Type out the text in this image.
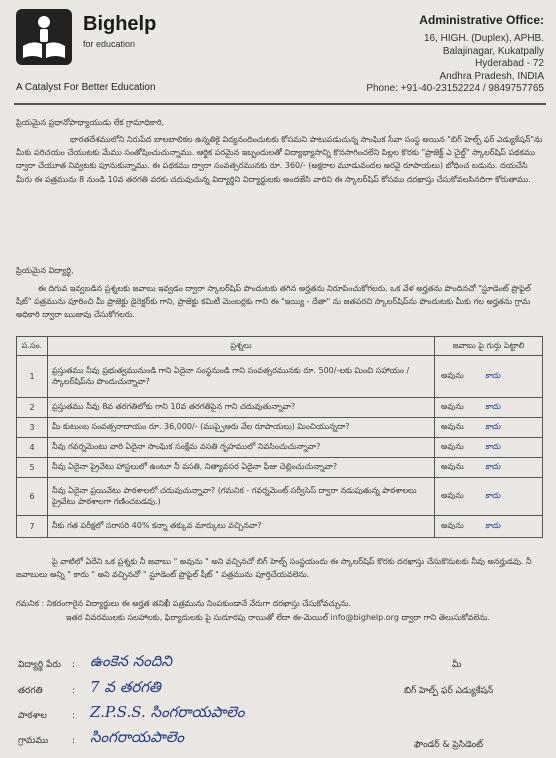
Bighelp
for education
A Catalyst For Better Education
Administrative Office:
16, HIGH. (Duplex), APHB.
Balajinagar, Kukatpally
Hyderabad - 72
Andhra Pradesh, INDIA
Phone: +91-40-23152224 / 9849757765
ప్రియమైన ప్రధానోపాధ్యాయుడు లేక గ్రామాధికారి,
భారతదేశములోని నిరుపేద బాలబాలికల ఉన్నతికై విద్యనందించుటకు కోసమని పాటుపడుచున్న సాంఘిక సేవా సంస్థ అయిన "బిగ్ హెల్ప్ ఫర్ ఎడ్యుకేషన్"ను మీకు పరిచయం చేయుటకు మేము సంతోషించుచున్నాము. ఆర్థిక పరమైన ఇబ్బందులతో విద్యాభ్యాసాన్ని కొనసాగించలేని పిల్లల కొరకు "ప్రాజెక్ట్ ఎ చైల్డ్" స్కాలర్‌షిప్ పథకము ద్వారా చేయూత నివ్వటకు పూనుకున్నాము. ఈ పథకము ద్వారా సంవత్సరమునకు రూ. 360/- (అక్షరాల మూడువందల అరవై రూపాయలు) బోధించ బడును. దయచేసి మీరు ఈ పత్రమును 8 నుండి 10వ తరగతి వరకు చదువుచున్న విద్యార్థిని విద్యార్థులకు అందజేసి వారిని ఈ స్కాలర్‌షిప్ కోసము దరఖాస్తు చేసుకోవలసినదిగా కోరుతాము.
ప్రియమైన విద్యార్థి,
ఈ దిగువ ఇవ్వబడిన ప్రశ్నలకు జవాబు ఇవ్వడం ద్వారా స్కాలర్‌షిప్ పొందుటకు తగిన అర్హతను నిరూపించుకోగలరు. ఒక వేళ అర్హతను పొందినచో "స్టూడెంట్ ప్రొఫైల్ షీట్" పత్రమును పూరించి మీ ప్రాజెక్టు డైరెక్టర్‌కు గాని, ప్రాజెక్టు కమిటీ మెంబర్లకు గాని ఈ "ఇయ్యి - దేతా" ను జతపరచి స్కాలర్‌షిప్‌ను పొందుటకు మీకు గల అర్హతను గ్రామ అధికారి ద్వారా ఋజువు చేసుకోగలరు.
ప.సం.	ప్రశ్నలు	జవాబు పై గుర్తు పెట్టాలి
1	ప్రస్తుతము నీవు ప్రభుత్వమునుండి గాని ఏదైనా సంస్థనుండి గాని సంవత్సరమునకు రూ. 500/-లకు మించి సహాయం / స్కాలర్‌షిప్‌ను పొందుచున్నావా?	అవును కాదు
2	ప్రస్తుతము నీవు 8వ తరగతిలోకు గాని 10వ తరగతిపైన గాని చదువుతున్నావా?	అవును కాదు
3	మీ కుటుంబ సంవత్సరాదాయం రూ. 36,000/- (ముప్పైఆరు వేల రూపాయలు) మించియున్నదా?	అవును కాదు
4	నీవు గవర్నమెంటు వారి ఏదైనా సాంఘిక సంక్షేమ వసతి గృహములో నివసించుచున్నావా?	అవును కాదు
5	నీవు ఏదైనా ప్రైవేటు హాస్టలులో ఉంటూ నీ వసతి, నిత్యావసర ఏదైనా ఫీజు చెల్లించుచున్నావా?	అవును కాదు
6	నీవు ఏదైనా ప్రయివేటు పాఠశాలలో చదువుచున్నావా? (గమనిక - గవర్నమెంట్ సర్వీసెస్ ద్వారా నడుపుతున్న పాఠశాలలు ప్రైవేటు పాఠశాలగా గణించబడవు.)	అవును కాదు
7	నీకు గత పరీక్షలో సరాసరి 40% కన్నా తక్కువ మార్కులు వచ్చినవా?	అవును కాదు
పై వాటిలో ఏదేని ఒక ప్రశ్నకు నీ జవాబు " అవును " అని వచ్చినచో బిగ్ హెల్ప్ సంస్థయందు ఈ స్కాలర్‌షిప్ కొరకు దరఖాస్తు చేసుకొనుటకు నీవు అనర్హుడవు. నీ జవాబులు అన్ని " కాదు " అని వచ్చినచో " స్టూడెంట్ ప్రొఫైల్ షీట్ " పత్రమును పూర్తిచేయవలెను.
గమనిక : నికరంగారైన విద్యార్థులు ఈ అర్హత తనిఖీ పత్రమును నింపకుండానే నేరుగా దరఖాస్తు చేసుకోవచ్చును.
ఇతర వివరములకు సలహాలకు, ఫిర్యాదులకు పై సుదూరపు రాయితో లేదా ఈ-మెయిల్ info@bighelp.org ద్వారా గాని తెలుసుకోవలెను.
విద్యార్థి పేరు : ఉంకెన నందిని
తరగతి	: 7 వ తరగతి
పాఠశాల	: Z.P.S.S. సింగరాయపాలెం
గ్రామము	: సింగరాయపాలెం
మీ
బిగ్ హెల్ప్ ఫర్ ఎడ్యుకేషన్
ఫౌండర్ & ప్రెసిడెంట్
